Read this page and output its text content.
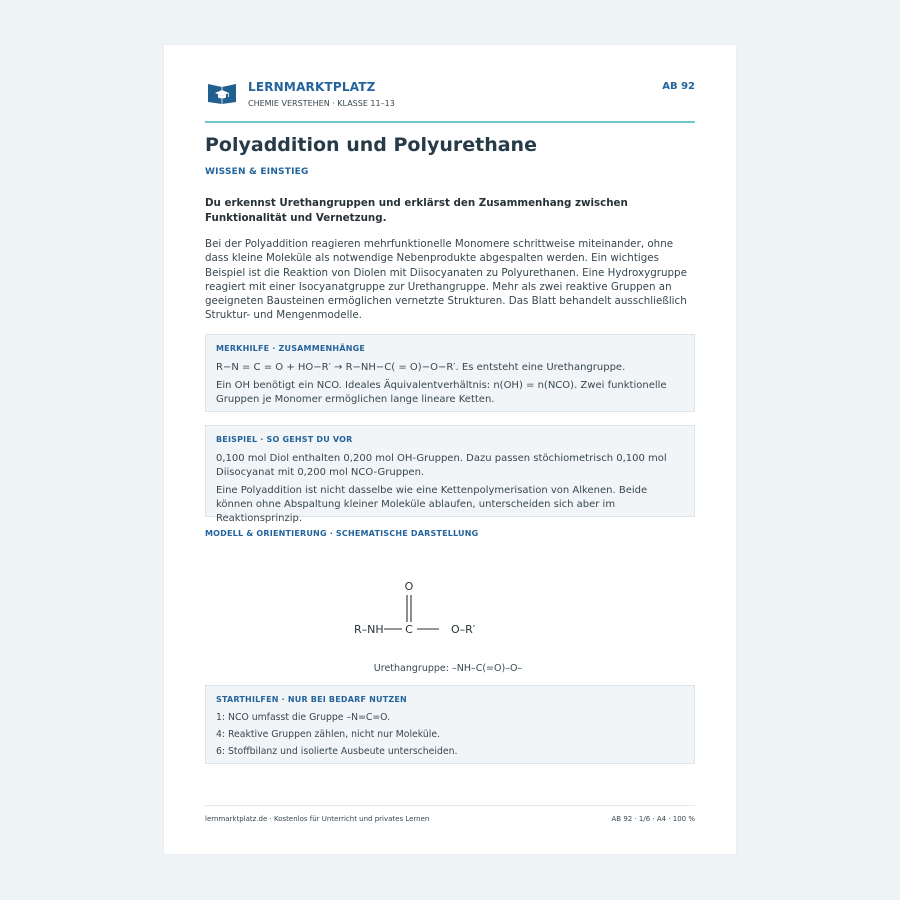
LERNMARKTPLATZ
CHEMIE VERSTEHEN · KLASSE 11–13
AB 92
Polyaddition und Polyurethane
WISSEN & EINSTIEG
Du erkennst Urethangruppen und erklärst den Zusammenhang zwischen Funktionalität und Vernetzung.
Bei der Polyaddition reagieren mehrfunktionelle Monomere schrittweise miteinander, ohne dass kleine Moleküle als notwendige Nebenprodukte abgespalten werden. Ein wichtiges Beispiel ist die Reaktion von Diolen mit Diisocyanaten zu Polyurethanen. Eine Hydroxygruppe reagiert mit einer Isocyanatgruppe zur Urethangruppe. Mehr als zwei reaktive Gruppen an geeigneten Bausteinen ermöglichen vernetzte Strukturen. Das Blatt behandelt ausschließlich Struktur- und Mengenmodelle.
MERKHILFE · ZUSAMMENHÄNGE
R−N = C = O + HO−R′ → R−NH−C( = O)−O−R′. Es entsteht eine Urethangruppe.
Ein OH benötigt ein NCO. Ideales Äquivalentverhältnis: n(OH) = n(NCO). Zwei funktionelle Gruppen je Monomer ermöglichen lange lineare Ketten.
BEISPIEL · SO GEHST DU VOR
0,100 mol Diol enthalten 0,200 mol OH-Gruppen. Dazu passen stöchiometrisch 0,100 mol Diisocyanat mit 0,200 mol NCO-Gruppen.
Eine Polyaddition ist nicht dasselbe wie eine Kettenpolymerisation von Alkenen. Beide können ohne Abspaltung kleiner Moleküle ablaufen, unterscheiden sich aber im Reaktionsprinzip.
MODELL & ORIENTIERUNG · SCHEMATISCHE DARSTELLUNG
O
R–NH C	O–R′
Urethangruppe: –NH–C(=O)–O–
STARTHILFEN · NUR BEI BEDARF NUTZEN
1: NCO umfasst die Gruppe –N=C=O.
4: Reaktive Gruppen zählen, nicht nur Moleküle.
6: Stoffbilanz und isolierte Ausbeute unterscheiden.
lernmarktplatz.de · Kostenlos für Unterricht und privates Lernen	AB 92 · 1/6 · A4 · 100 %
